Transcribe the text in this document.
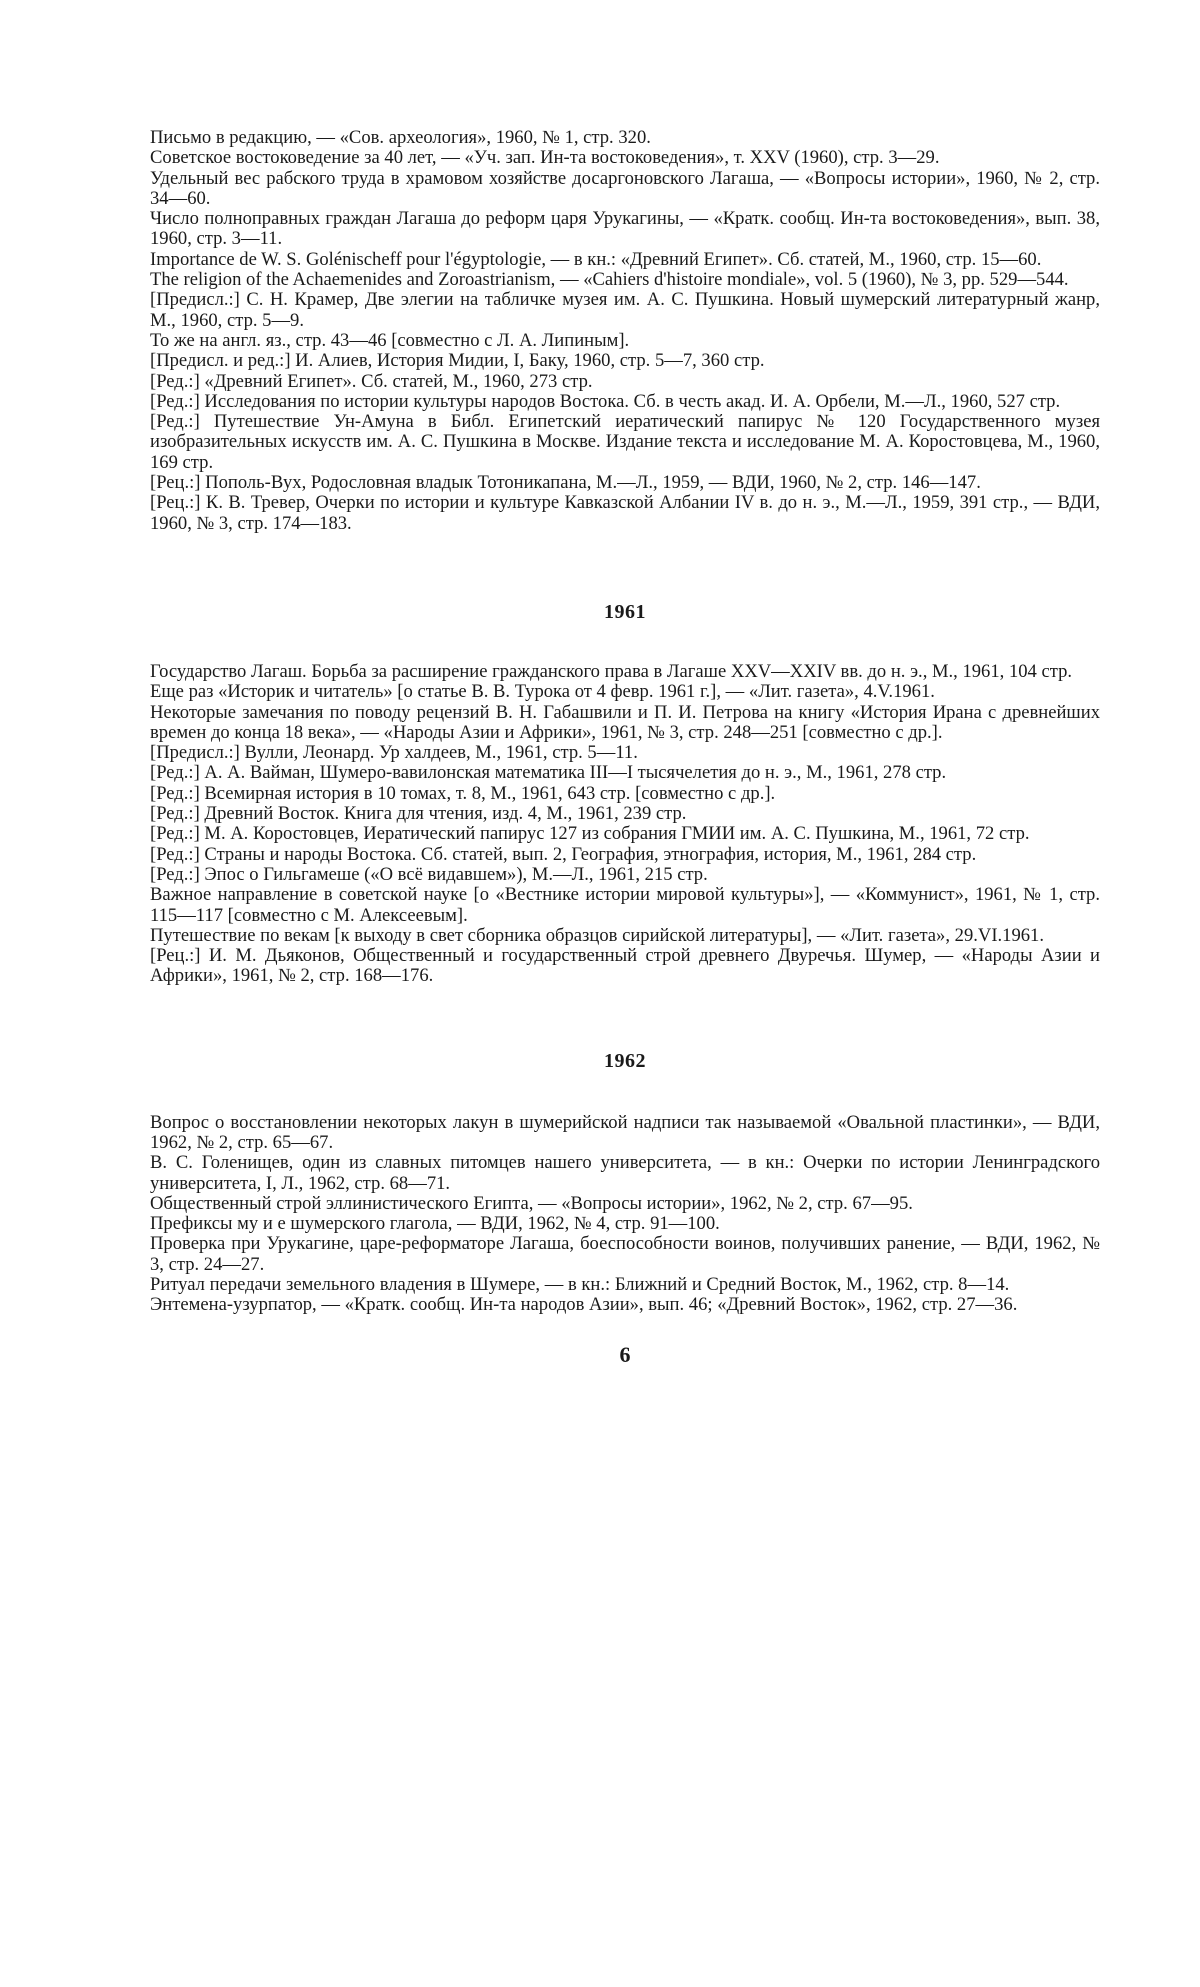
Письмо в редакцию, — «Сов. археология», 1960, № 1, стр. 320.

Советское востоковедение за 40 лет, — «Уч. зап. Ин-та востоковедения», т. XXV (1960), стр. 3—29.

Удельный вес рабского труда в храмовом хозяйстве досаргоновского Лагаша, — «Вопросы истории», 1960, № 2, стр. 34—60.

Число полноправных граждан Лагаша до реформ царя Урукагины, — «Кратк. сообщ. Ин-та востоковедения», вып. 38, 1960, стр. 3—11.

Importance de W. S. Golénischeff pour l'égyptologie, — в кн.: «Древний Египет». Сб. статей, М., 1960, стр. 15—60.

The religion of the Achaemenides and Zoroastrianism, — «Cahiers d'histoire mondiale», vol. 5 (1960), № 3, pp. 529—544.

[Предисл.:] С. Н. Крамер, Две элегии на табличке музея им. А. С. Пушкина. Новый шумерский литературный жанр, М., 1960, стр. 5—9.

То же на англ. яз., стр. 43—46 [совместно с Л. А. Липиным].

[Предисл. и ред.:] И. Алиев, История Мидии, I, Баку, 1960, стр. 5—7, 360 стр.

[Ред.:] «Древний Египет». Сб. статей, М., 1960, 273 стр.

[Ред.:] Исследования по истории культуры народов Востока. Сб. в честь акад. И. А. Орбели, М.—Л., 1960, 527 стр.

[Ред.:] Путешествие Ун-Амуна в Библ. Египетский иератический папирус № 120 Государственного музея изобразительных искусств им. А. С. Пушкина в Москве. Издание текста и исследование М. А. Коростовцева, М., 1960, 169 стр.

[Рец.:] Пополь-Вух, Родословная владык Тотоникапана, М.—Л., 1959, — ВДИ, 1960, № 2, стр. 146—147.

[Рец.:] К. В. Тревер, Очерки по истории и культуре Кавказской Албании IV в. до н. э., М.—Л., 1959, 391 стр., — ВДИ, 1960, № 3, стр. 174—183.

1961

Государство Лагаш. Борьба за расширение гражданского права в Лагаше XXV—XXIV вв. до н. э., М., 1961, 104 стр.

Еще раз «Историк и читатель» [о статье В. В. Турока от 4 февр. 1961 г.], — «Лит. газета», 4.V.1961.

Некоторые замечания по поводу рецензий В. Н. Габашвили и П. И. Петрова на книгу «История Ирана с древнейших времен до конца 18 века», — «Народы Азии и Африки», 1961, № 3, стр. 248—251 [совместно с др.].

[Предисл.:] Вулли, Леонард. Ур халдеев, М., 1961, стр. 5—11.

[Ред.:] А. А. Вайман, Шумеро-вавилонская математика III—I тысячелетия до н. э., М., 1961, 278 стр.

[Ред.:] Всемирная история в 10 томах, т. 8, М., 1961, 643 стр. [совместно с др.].

[Ред.:] Древний Восток. Книга для чтения, изд. 4, М., 1961, 239 стр.

[Ред.:] М. А. Коростовцев, Иератический папирус 127 из собрания ГМИИ им. А. С. Пушкина, М., 1961, 72 стр.

[Ред.:] Страны и народы Востока. Сб. статей, вып. 2, География, этнография, история, М., 1961, 284 стр.

[Ред.:] Эпос о Гильгамеше («О всё видавшем»), М.—Л., 1961, 215 стр.

Важное направление в советской науке [о «Вестнике истории мировой культуры»], — «Коммунист», 1961, № 1, стр. 115—117 [совместно с М. Алексеевым].

Путешествие по векам [к выходу в свет сборника образцов сирийской литературы], — «Лит. газета», 29.VI.1961.

[Рец.:] И. М. Дьяконов, Общественный и государственный строй древнего Двуречья. Шумер, — «Народы Азии и Африки», 1961, № 2, стр. 168—176.

1962

Вопрос о восстановлении некоторых лакун в шумерийской надписи так называемой «Овальной пластинки», — ВДИ, 1962, № 2, стр. 65—67.

В. С. Голенищев, один из славных питомцев нашего университета, — в кн.: Очерки по истории Ленинградского университета, I, Л., 1962, стр. 68—71.

Общественный строй эллинистического Египта, — «Вопросы истории», 1962, № 2, стр. 67—95.

Префиксы му и е шумерского глагола, — ВДИ, 1962, № 4, стр. 91—100.

Проверка при Урукагине, царе-реформаторе Лагаша, боеспособности воинов, получивших ранение, — ВДИ, 1962, № 3, стр. 24—27.

Ритуал передачи земельного владения в Шумере, — в кн.: Ближний и Средний Восток, М., 1962, стр. 8—14.

Энтемена-узурпатор, — «Кратк. сообщ. Ин-та народов Азии», вып. 46; «Древний Восток», 1962, стр. 27—36.

6
